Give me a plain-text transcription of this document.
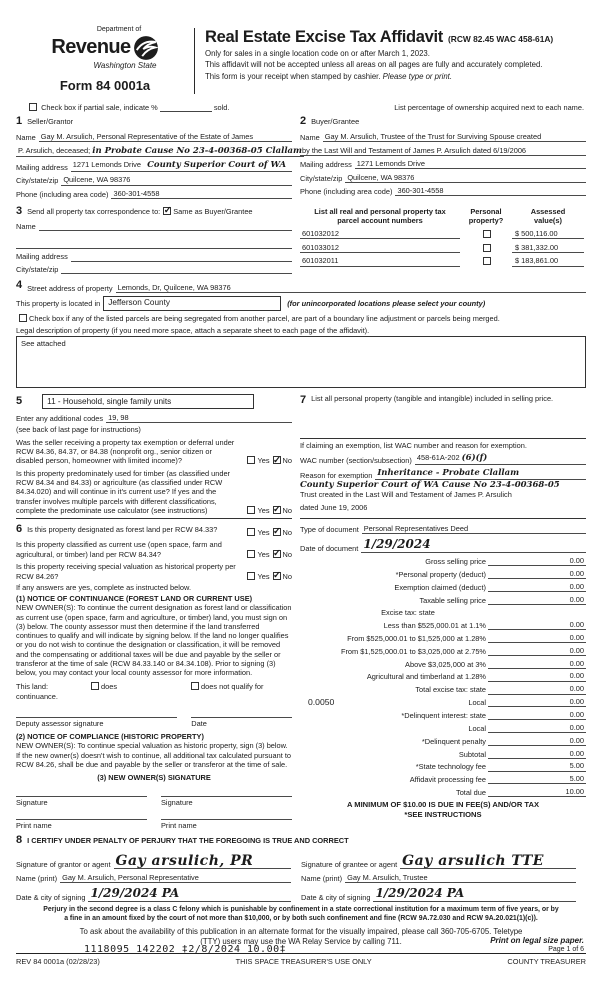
Department of
Revenue
Washington State
Form 84 0001a
Real Estate Excise Tax Affidavit (RCW 82.45 WAC 458-61A)
Only for sales in a single location code on or after March 1, 2023.
This affidavit will not be accepted unless all areas on all pages are fully and accurately completed.
This form is your receipt when stamped by cashier. Please type or print.
Check box if partial sale, indicate %	sold.	List percentage of ownership acquired next to each name.
1 Seller/Grantor
Name Gay M. Arsulich, Personal Representative of the Estate of James
P. Arsulich, deceased; in Probate Cause No 23-4-00368-05 Clallam
Mailing address 1271 Lemonds Drive County Superior Court of WA
City/state/zip Quilcene, WA 98376
Phone (including area code) 360-301-4558
2 Buyer/Grantee
Name Gay M. Arsulich, Trustee of the Trust for Surviving Spouse created
by the Last Will and Testament of James P. Arsulich dated 6/19/2006
Mailing address 1271 Lemonds Drive
City/state/zip Quilcene, WA 98376
Phone (including area code) 360-301-4558
3 Send all property tax correspondence to: ✓ Same as Buyer/Grantee
Name
Mailing address
City/state/zip
List all real and personal property tax
parcel account numbers
Personal
property?
Assessed
value(s)
601032012	$ 500,116.00
601033012	$ 381,332.00
601032011	$ 183,861.00
4 Street address of property Lemonds, Dr, Quilcene, WA 98376
This property is located in Jefferson County	(for unincorporated locations please select your county)
Check box if any of the listed parcels are being segregated from another parcel, are part of a boundary line adjustment or parcels being merged.
Legal description of property (if you need more space, attach a separate sheet to each page of the affidavit).
See attached
5	11 - Household, single family units
Enter any additional codes 19, 98
(see back of last page for instructions)
Was the seller receiving a property tax exemption or deferral under RCW 84.36, 84.37, or 84.38 (nonprofit org., senior citizen or disabled person, homeowner with limited income)?	Yes ✓ No
Is this property predominately used for timber (as classified under RCW 84.34 and 84.33) or agriculture (as classified under RCW 84.34.020) and will continue in it's current use? If yes and the transfer involves multiple parcels with different classifications, complete the predominate use calculator (see instructions)	Yes ✓ No
6 Is this property designated as forest land per RCW 84.33?	Yes ✓ No
Is this property classified as current use (open space, farm and agricultural, or timber) land per RCW 84.34?	Yes ✓ No
Is this property receiving special valuation as historical property per RCW 84.26?	Yes ✓ No
If any answers are yes, complete as instructed below.
(1) NOTICE OF CONTINUANCE (FOREST LAND OR CURRENT USE)
NEW OWNER(S): To continue the current designation as forest land or classification as current use (open space, farm and agriculture, or timber) land, you must sign on (3) below. The county assessor must then determine if the land transferred continues to qualify and will indicate by signing below. If the land no longer qualifies or you do not wish to continue the designation or classification, it will be removed and the compensating or additional taxes will be due and payable by the seller or transferor at the time of sale (RCW 84.33.140 or 84.34.108). Prior to signing (3) below, you may contact your local county assessor for more information.
This land:	does	does not qualify for
continuance.
Deputy assessor signature	Date
(2) NOTICE OF COMPLIANCE (HISTORIC PROPERTY)
NEW OWNER(S): To continue special valuation as historic property, sign (3) below. If the new owner(s) doesn't wish to continue, all additional tax calculated pursuant to RCW 84.26, shall be due and payable by the seller or transferor at the time of sale.
(3) NEW OWNER(S) SIGNATURE
Signature	Signature
Print name	Print name
7 List all personal property (tangible and intangible) included in selling price.
If claiming an exemption, list WAC number and reason for exemption.
WAC number (section/subsection) 458-61A-202 (6)(f)
Reason for exemption Inheritance - Probate Clallam
County Superior Court of WA Cause No 23-4-00368-05
Trust created in the Last Will and Testament of James P. Arsulich
dated June 19, 2006
Type of document Personal Representatives Deed
Date of document 1/29/2024
Gross selling price	0.00
*Personal property (deduct)	0.00
Exemption claimed (deduct)	0.00
Taxable selling price	0.00
Excise tax: state
Less than $525,000.01 at 1.1%	0.00
From $525,000.01 to $1,525,000 at 1.28%	0.00
From $1,525,000.01 to $3,025,000 at 2.75%	0.00
Above $3,025,000 at 3%	0.00
Agricultural and timberland at 1.28%	0.00
Total excise tax: state	0.00
0.0050	Local	0.00
*Delinquent interest: state	0.00
Local	0.00
*Delinquent penalty	0.00
Subtotal	0.00
*State technology fee	5.00
Affidavit processing fee	5.00
Total due	10.00
A MINIMUM OF $10.00 IS DUE IN FEE(S) AND/OR TAX
*SEE INSTRUCTIONS
8 I CERTIFY UNDER PENALTY OF PERJURY THAT THE FOREGOING IS TRUE AND CORRECT
Signature of grantor or agent Gay arsulich, PR
Name (print) Gay M. Arsulich, Personal Representative
Date & city of signing 1/29/2024 PA
Signature of grantee or agent Gay arsulich TTE
Name (print) Gay M. Arsulich, Trustee
Date & city of signing 1/29/2024 PA
Perjury in the second degree is a class C felony which is punishable by confinement in a state correctional institution for a maximum term of five years, or by
a fine in an amount fixed by the court of not more than $10,000, or by both such confinement and fine (RCW 9A.72.030 and RCW 9A.20.021(1)(c)).
To ask about the availability of this publication in an alternate format for the visually impaired, please call 360-705-6705. Teletype
(TTY) users may use the WA Relay Service by calling 711.
REV 84 0001a (02/28/23)	THIS SPACE TREASURER'S USE ONLY	COUNTY TREASURER
1118095 142202 ‡2/8/2024 10.00‡
Print on legal size paper.
Page 1 of 6
